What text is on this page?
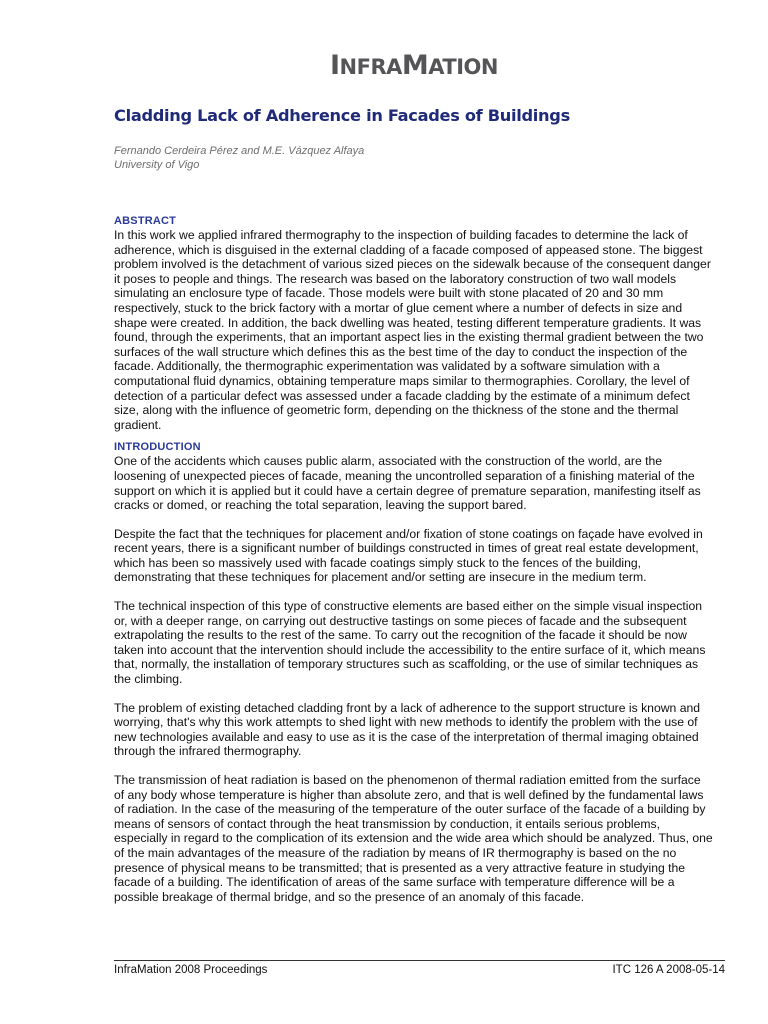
INFRAMATION
Cladding Lack of Adherence in Facades of Buildings
Fernando Cerdeira Pérez and M.E. Vázquez Alfaya
University of Vigo
ABSTRACT

In this work we applied infrared thermography to the inspection of building facades to determine the lack of adherence, which is disguised in the external cladding of a facade composed of appeased stone. The biggest problem involved is the detachment of various sized pieces on the sidewalk because of the consequent danger it poses to people and things. The research was based on the laboratory construction of two wall models simulating an enclosure type of facade. Those models were built with stone placated of 20 and 30 mm respectively, stuck to the brick factory with a mortar of glue cement where a number of defects in size and shape were created. In addition, the back dwelling was heated, testing different temperature gradients. It was found, through the experiments, that an important aspect lies in the existing thermal gradient between the two surfaces of the wall structure which defines this as the best time of the day to conduct the inspection of the facade. Additionally, the thermographic experimentation was validated by a software simulation with a computational fluid dynamics, obtaining temperature maps similar to thermographies. Corollary, the level of detection of a particular defect was assessed under a facade cladding by the estimate of a minimum defect size, along with the influence of geometric form, depending on the thickness of the stone and the thermal gradient.

INTRODUCTION

One of the accidents which causes public alarm, associated with the construction of the world, are the loosening of unexpected pieces of facade, meaning the uncontrolled separation of a finishing material of the support on which it is applied but it could have a certain degree of premature separation, manifesting itself as cracks or domed, or reaching the total separation, leaving the support bared.

Despite the fact that the techniques for placement and/or fixation of stone coatings on façade have evolved in recent years, there is a significant number of buildings constructed in times of great real estate development, which has been so massively used with facade coatings simply stuck to the fences of the building, demonstrating that these techniques for placement and/or setting are insecure in the medium term.

The technical inspection of this type of constructive elements are based either on the simple visual inspection or, with a deeper range, on carrying out destructive tastings on some pieces of facade and the subsequent extrapolating the results to the rest of the same. To carry out the recognition of the facade it should be now taken into account that the intervention should include the accessibility to the entire surface of it, which means that, normally, the installation of temporary structures such as scaffolding, or the use of similar techniques as the climbing.

The problem of existing detached cladding front by a lack of adherence to the support structure is known and worrying, that's why this work attempts to shed light with new methods to identify the problem with the use of new technologies available and easy to use as it is the case of the interpretation of thermal imaging obtained through the infrared thermography.

The transmission of heat radiation is based on the phenomenon of thermal radiation emitted from the surface of any body whose temperature is higher than absolute zero, and that is well defined by the fundamental laws of radiation. In the case of the measuring of the temperature of the outer surface of the facade of a building by means of sensors of contact through the heat transmission by conduction, it entails serious problems, especially in regard to the complication of its extension and the wide area which should be analyzed. Thus, one of the main advantages of the measure of the radiation by means of IR thermography is based on the no presence of physical means to be transmitted; that is presented as a very attractive feature in studying the facade of a building. The identification of areas of the same surface with temperature difference will be a possible breakage of thermal bridge, and so the presence of an anomaly of this facade.

InfraMation 2008 Proceedings	ITC 126 A 2008-05-14
